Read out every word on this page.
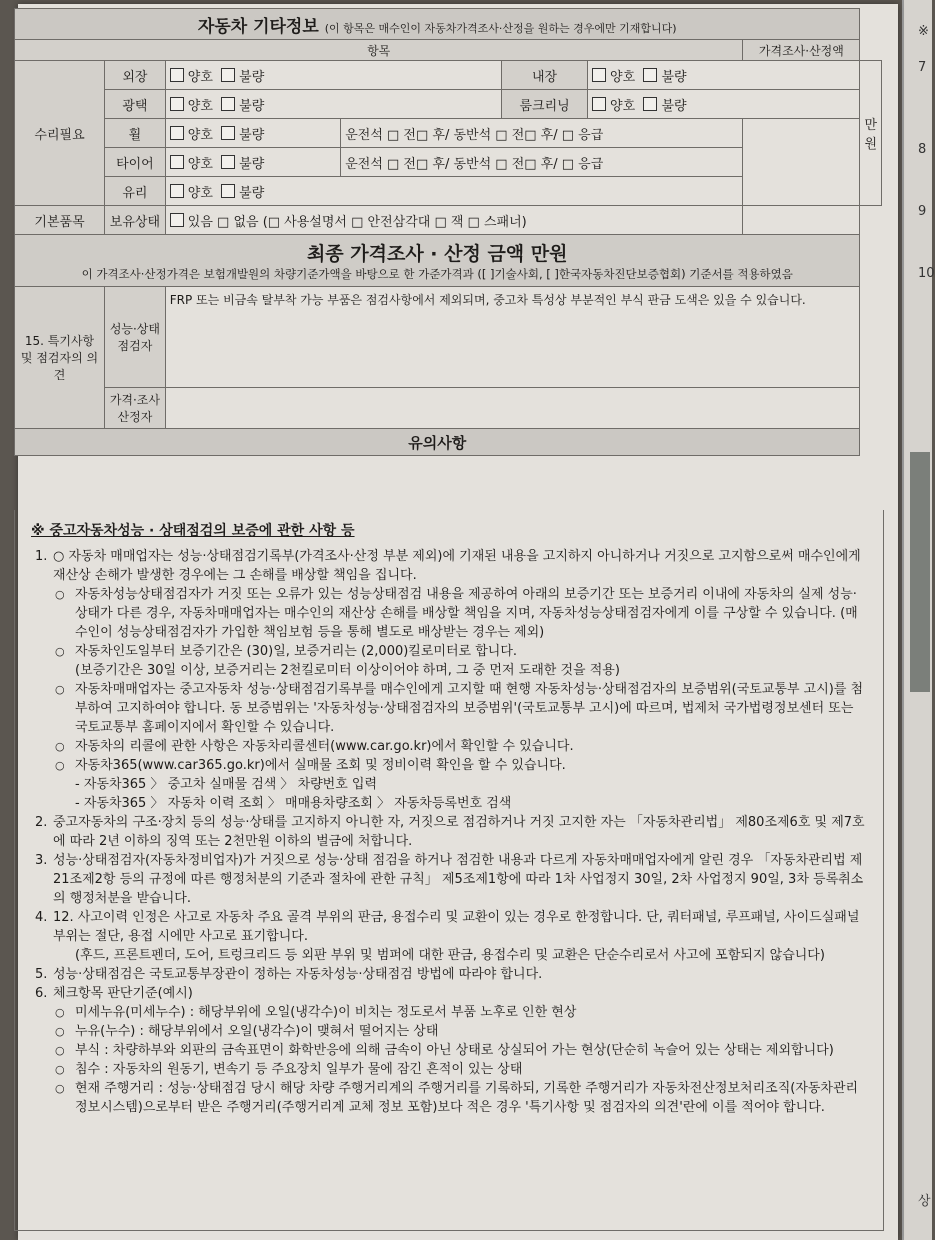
※
7
8
9
10
상
자동차 기타정보 (이 항목은 매수인이 자동차가격조사·산정을 원하는 경우에만 기재합니다)							
항목						가격조사·산정액	
수리필요	외장	양호 불량		내장	양호 불량		만원
	광택	양호 불량		룸크리닝	양호 불량		
	휠	양호 불량	운전석 □ 전□ 후/ 동반석 □ 전□ 후/ □ 응급				
	타이어	양호 불량	운전석 □ 전□ 후/ 동반석 □ 전□ 후/ □ 응급				
	유리	양호 불량					
기본품목	보유상태	있음 □ 없음 (□ 사용설명서 □ 안전삼각대 □ 잭 □ 스패너)					

최종 가격조사 · 산정 금액 만원
이 가격조사·산정가격은 보험개발원의 차량기준가액을 바탕으로 한 가준가격과 ([ ]기술사회, [ ]한국자동차진단보증협회) 기준서를 적용하였음							

15. 특기사항 및 점검자의 의견	성능·상태 점검자	FRP 또는 비금속 탈부착 가능 부품은 점검사항에서 제외되며, 중고차 특성상 부분적인 부식 판금 도색은 있을 수 있습니다.					
	가격·조사 산정자						
유의사항							
※ 중고자동차성능 · 상태점검의 보증에 관한 사항 등
1. ○ 자동차 매매업자는 성능·상태점검기록부(가격조사·산정 부분 제외)에 기재된 내용을 고지하지 아니하거나 거짓으로 고지함으로써 매수인에게 재산상 손해가 발생한 경우에는 그 손해를 배상할 책임을 집니다.
○ 자동차성능상태점검자가 거짓 또는 오류가 있는 성능상태점검 내용을 제공하여 아래의 보증기간 또는 보증거리 이내에 자동차의 실제 성능·상태가 다른 경우, 자동차매매업자는 매수인의 재산상 손해를 배상할 책임을 지며, 자동차성능상태점검자에게 이를 구상할 수 있습니다. (매수인이 성능상태점검자가 가입한 책임보험 등을 통해 별도로 배상받는 경우는 제외)
○ 자동차인도일부터 보증기간은 (30)일, 보증거리는 (2,000)킬로미터로 합니다.
(보증기간은 30일 이상, 보증거리는 2천킬로미터 이상이어야 하며, 그 중 먼저 도래한 것을 적용)
○ 자동차매매업자는 중고자동차 성능·상태점검기록부를 매수인에게 고지할 때 현행 자동차성능·상태점검자의 보증범위(국토교통부 고시)를 첨부하여 고지하여야 합니다. 동 보증범위는 '자동차성능·상태점검자의 보증범위'(국토교통부 고시)에 따르며, 법제처 국가법령정보센터 또는 국토교통부 홈페이지에서 확인할 수 있습니다.
○ 자동차의 리콜에 관한 사항은 자동차리콜센터(www.car.go.kr)에서 확인할 수 있습니다.
○ 자동차365(www.car365.go.kr)에서 실매물 조회 및 정비이력 확인을 할 수 있습니다.
- 자동차365 〉 중고차 실매물 검색 〉 차량번호 입력
- 자동차365 〉 자동차 이력 조회 〉 매매용차량조회 〉 자동차등록번호 검색
2. 중고자동차의 구조·장치 등의 성능·상태를 고지하지 아니한 자, 거짓으로 점검하거나 거짓 고지한 자는 「자동차관리법」 제80조제6호 및 제7호에 따라 2년 이하의 징역 또는 2천만원 이하의 벌금에 처합니다.
3. 성능·상태점검자(자동차정비업자)가 거짓으로 성능·상태 점검을 하거나 점검한 내용과 다르게 자동차매매업자에게 알린 경우 「자동차관리법 제21조제2항 등의 규정에 따른 행정처분의 기준과 절차에 관한 규칙」 제5조제1항에 따라 1차 사업정지 30일, 2차 사업정지 90일, 3차 등록취소의 행정처분을 받습니다.
4. 12. 사고이력 인정은 사고로 자동차 주요 골격 부위의 판금, 용접수리 및 교환이 있는 경우로 한정합니다. 단, 쿼터패널, 루프패널, 사이드실패널 부위는 절단, 용접 시에만 사고로 표기합니다.
(후드, 프론트펜더, 도어, 트렁크리드 등 외판 부위 및 범퍼에 대한 판금, 용접수리 및 교환은 단순수리로서 사고에 포함되지 않습니다)
5. 성능·상태점검은 국토교통부장관이 정하는 자동차성능·상태점검 방법에 따라야 합니다.
6. 체크항목 판단기준(예시)
○ 미세누유(미세누수) : 해당부위에 오일(냉각수)이 비치는 정도로서 부품 노후로 인한 현상
○ 누유(누수) : 해당부위에서 오일(냉각수)이 맺혀서 떨어지는 상태
○ 부식 : 차량하부와 외판의 금속표면이 화학반응에 의해 금속이 아닌 상태로 상실되어 가는 현상(단순히 녹슬어 있는 상태는 제외합니다)
○ 침수 : 자동차의 원동기, 변속기 등 주요장치 일부가 물에 잠긴 흔적이 있는 상태
○ 현재 주행거리 : 성능·상태점검 당시 해당 차량 주행거리계의 주행거리를 기록하되, 기록한 주행거리가 자동차전산정보처리조직(자동차관리정보시스템)으로부터 받은 주행거리(주행거리계 교체 정보 포함)보다 적은 경우 '특기사항 및 점검자의 의견'란에 이를 적어야 합니다.
